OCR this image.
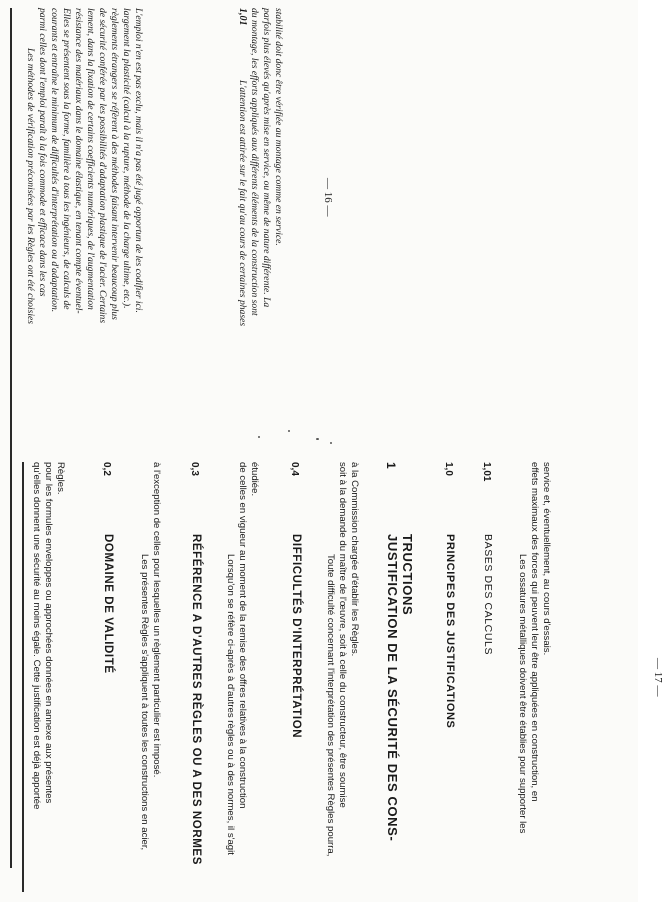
Les méthodes de vérification préconisées par les Règles ont été choisies parmi celles dont l'emploi paraît à la fois commode et efficace dans les cas courants et entraîne le minimum de difficultés d'interprétation ou d'adaptation. Elles se présentent sous la forme, familière à tous les ingénieurs, de calculs de résistance des matériaux dans le domaine élastique, en tenant compte éventuel- lement, dans la fixation de certains coefficients numériques, de l'augmentation de sécurité conférée par les possibilités d'adaptation plastique de l'acier. Certains règlements étrangers se réfèrent à des méthodes faisant intervenir beaucoup plus largement la plasticité (calcul à la rupture, méthode de la charge ultime, etc.). L'emploi n'en est pas exclu, mais il n'a pas été jugé opportun de les codifier ici.	1,01
L'attention est attirée sur le fait qu'au cours de certaines phases du montage, les efforts appliqués aux différents éléments de la construction sont parfois plus élevés qu'après mise en service, ou même de nature différente. La stabilité doit donc être vérifiée au montage comme en service.	— 16 —
qu'elles donnent une sécurité au moins égale. Cette justification est déjà apportée pour les formules enveloppes ou approchées données en annexe aux présentes Règles.	0,2
DOMAINE DE VALIDITÉ	Les présentes Règles s'appliquent à toutes les constructions en acier, à l'exception de celles pour lesquelles un règlement particulier est imposé.	0,3
RÉFÉRENCE A D'AUTRES RÈGLES OU A DES NORMES Lorsqu'on se réfère ci-après à d'autres règles ou à des normes, il s'agit de celles en vigueur au moment de la remise des offres relatives à la construction étudiée.	0,4
DIFFICULTÉS D'INTERPRÉTATION Toute difficulté concernant l'interprétation des présentes Règles pourra, soit à la demande du maître de l'œuvre, soit à celle du constructeur, être soumise à la Commission chargée d'établir les Règles. 1
JUSTIFICATION DE LA SÉCURITÉ DES CONS- TRUCTIONS
1,0
PRINCIPES DES JUSTIFICATIONS
1,01
BASES DES CALCULS Les ossatures métalliques doivent être établies pour supporter les effets maximaux des forces qui peuvent leur être appliquées en construction, en service et, éventuellement, au cours d'essais.
— 17 —
